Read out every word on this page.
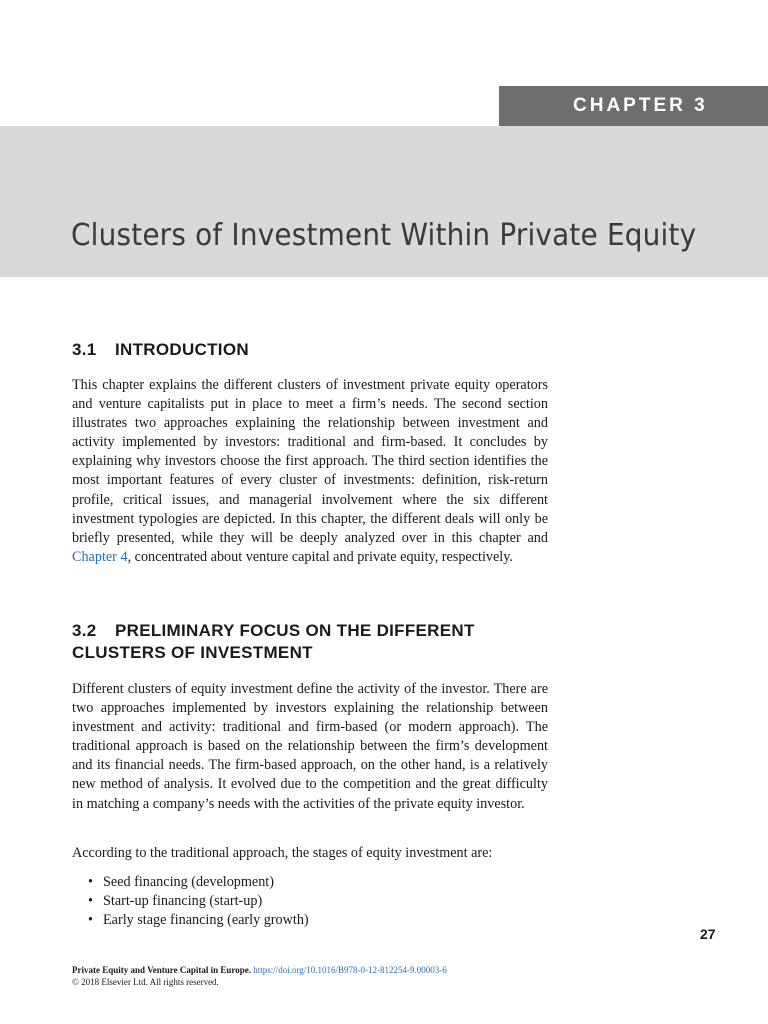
CHAPTER 3
Clusters of Investment Within Private Equity
3.1 INTRODUCTION

This chapter explains the different clusters of investment private equity operators and venture capitalists put in place to meet a firm’s needs. The second section illustrates two approaches explaining the relationship between investment and activity implemented by investors: traditional and firm-based. It concludes by explaining why investors choose the first approach. The third section identifies the most important features of every cluster of investments: definition, risk-return profile, critical issues, and managerial involvement where the six different investment typologies are depicted. In this chapter, the different deals will only be briefly presented, while they will be deeply analyzed over in this chapter and Chapter 4, concentrated about venture capital and private equity, respectively.

3.2 PRELIMINARY FOCUS ON THE DIFFERENT
CLUSTERS OF INVESTMENT

Different clusters of equity investment define the activity of the investor. There are two approaches implemented by investors explaining the relationship between investment and activity: traditional and firm-based (or modern approach). The traditional approach is based on the relationship between the firm’s development and its financial needs. The firm-based approach, on the other hand, is a relatively new method of analysis. It evolved due to the competition and the great difficulty in matching a company’s needs with the activities of the private equity investor.

According to the traditional approach, the stages of equity investment are:

• Seed financing (development)
• Start-up financing (start-up)
• Early stage financing (early growth)
27
Private Equity and Venture Capital in Europe. https://doi.org/10.1016/B978-0-12-812254-9.00003-6
© 2018 Elsevier Ltd. All rights reserved.
